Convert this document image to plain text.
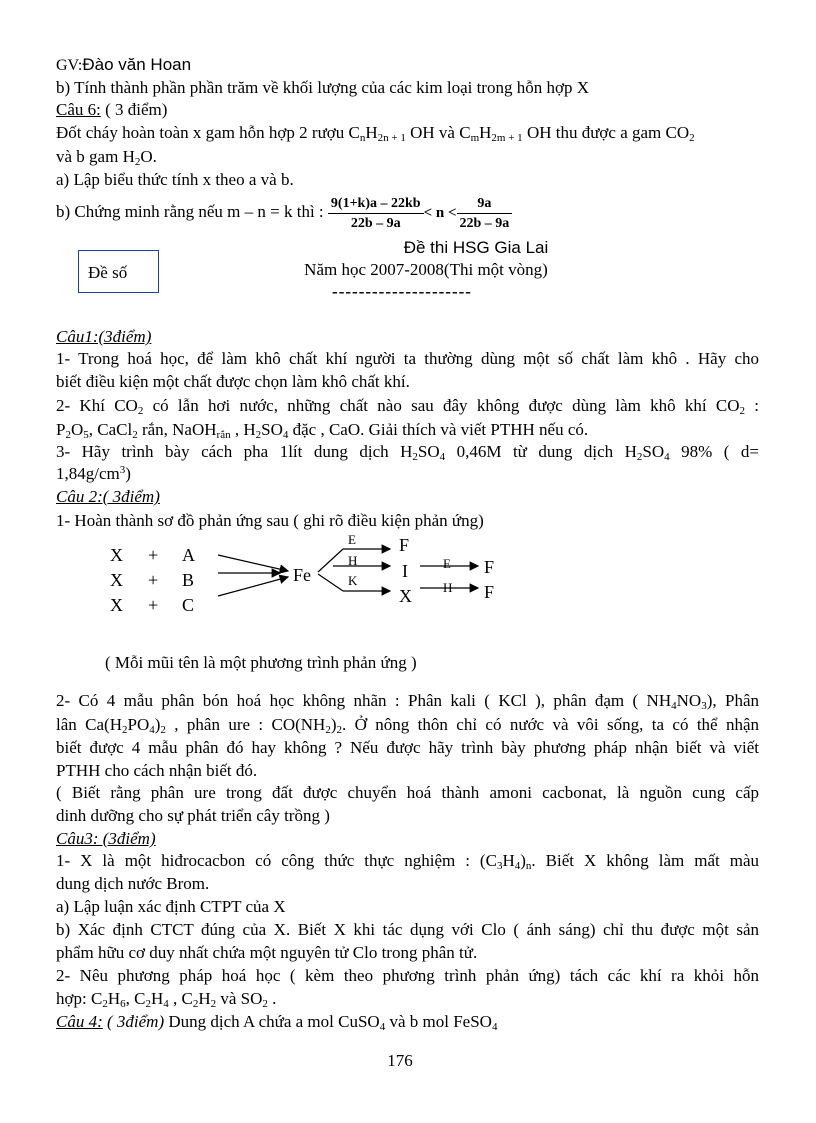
GV:Đào văn Hoan
b) Tính thành phần phần trăm về khối lượng của các kim loại trong hỗn hợp X
Câu 6: ( 3 điểm)
Đốt cháy hoàn toàn x gam hỗn hợp 2 rượu $C_nH_{2n + 1}$ OH và $C_mH_{2m + 1}$ OH thu được a gam $CO_2$
và b gam $H_2O$.
a) Lập biểu thức tính x theo a và b.
b) Chứng minh rằng nếu m – n = k thì : $\frac{9(1+k)a - 22kb}{22b - 9a} < n < \frac{9a}{22b - 9a}$
Đề thi HSG Gia Lai
Đề số	Năm học 2007-2008(Thi một vòng)
---------------------
Câu1:(3điểm)
1- Trong hoá học, để làm khô chất khí người ta thường dùng một số chất làm khô . Hãy cho
biết điều kiện một chất được chọn làm khô chất khí.
2- Khí $CO_2$ có lẫn hơi nước, những chất nào sau đây không được dùng làm khô khí $CO_2$ :
$P_2O_5$, CaCl$_2$ rắn, NaOH$_{rắn}$ , $H_2SO_4$ đặc , CaO. Giải thích và viết PTHH nếu có.
3- Hãy trình bày cách pha 1lít dung dịch $H_2SO_4$ 0,46M từ dung dịch $H_2SO_4$ 98% ( d=
$1,84g/cm^3$)
Câu 2:( 3điểm)
1- Hoàn thành sơ đồ phản ứng sau ( ghi rõ điều kiện phản ứng)
X + A
X + B
X + C
Fe
F
I
X
F
F
E
H
K
E
H
( Mỗi mũi tên là một phương trình phản ứng )
2- Có 4 mẫu phân bón hoá học không nhãn : Phân kali ( KCl ), phân đạm ( $NH_4NO_3$), Phân
lân $Ca(H_2PO_4)_2$ , phân ure : $CO(NH_2)_2$. Ở nông thôn chỉ có nước và vôi sống, ta có thể nhận
biết được 4 mẫu phân đó hay không ? Nếu được hãy trình bày phương pháp nhận biết và viết
PTHH cho cách nhận biết đó.
( Biết rằng phân ure trong đất được chuyển hoá thành amoni cacbonat, là nguồn cung cấp
dinh dưỡng cho sự phát triển cây trồng )
Câu3: (3điểm)
1- X là một hiđrocacbon có công thức thực nghiệm : $(C_3H_4)_n$. Biết X không làm mất màu
dung dịch nước Brom.
a) Lập luận xác định CTPT của X
b) Xác định CTCT đúng của X. Biết X khi tác dụng với Clo ( ánh sáng) chỉ thu được một sản
phẩm hữu cơ duy nhất chứa một nguyên tử Clo trong phân tử.
2- Nêu phương pháp hoá học ( kèm theo phương trình phản ứng) tách các khí ra khỏi hỗn
hợp: $C_2H_6$, $C_2H_4$ , $C_2H_2$ và $SO_2$ .
Câu 4: ( 3điểm) Dung dịch A chứa a mol CuSO$_4$ và b mol FeSO$_4$
176
